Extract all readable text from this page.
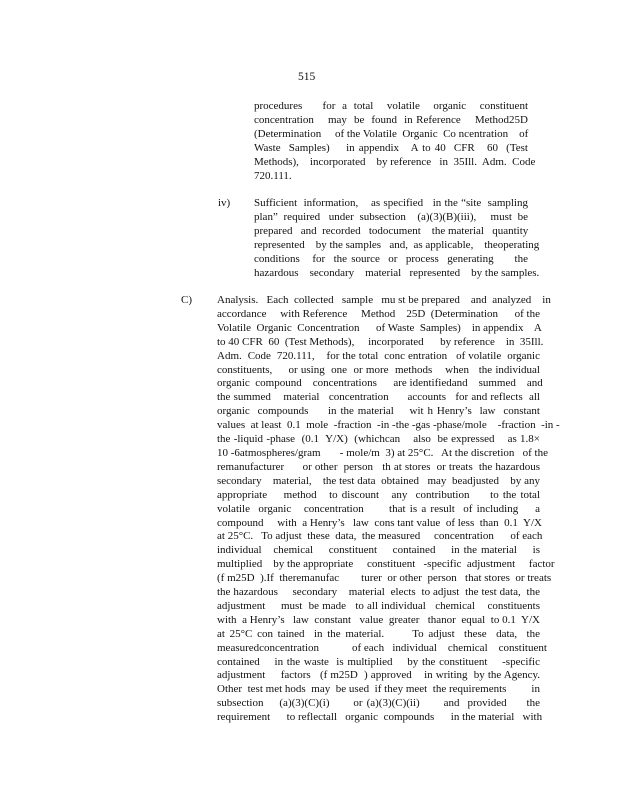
515
procedures   for a total  volatile  organic  constituent
concentration    may  be  found  in Reference    Method25D
(Determination     of the Volatile  Organic  Co ncentration    of
Waste  Samples)    in appendix   A to 40  CFR   60  (Test
Methods),    incorporated    by reference   in  35Ill.  Adm.  Code
720.111.
iv) Sufficient  information,    as specified   in the “site  sampling
plan”  required   under  subsection    (a)(3)(B)(iii),     must  be
prepared   and  recorded   todocument    the material   quantity
represented    by the samples   and,  as applicable,    theoperating
conditions   for  the source  or  process  generating     the
hazardous    secondary    material   represented    by the samples.
C) Analysis.   Each  collected   sample   mu st be prepared    and  analyzed    in
accordance     with Reference     Method    25D  (Determination      of the
Volatile  Organic  Concentration      of Waste  Samples)    in appendix    A
to 40 CFR  60  (Test Methods),     incorporated      by reference    in  35Ill.
Adm.  Code  720.111,    for the total  conc entration   of volatile  organic
constituents,     or using  one  or more  methods    when   the individual
organic  compound    concentrations      are identifiedand    summed    and
the summed    material   concentration      accounts   for and reflects  all
organic  compounds     in the material    wit h Henry’s  law  constant
values  at least  0.1  mole  -fraction  -in -the -gas -phase/mole    -fraction  -in -
the -liquid -phase  (0.1  Y/X)  (whichcan    also  be expressed    as 1.8×
10 -6atmospheres/gram       - mole/m  3) at 25°C.   At the discretion   of the
remanufacturer      or other  person   th at stores  or treats  the hazardous
secondary    material,    the test data  obtained   may  beadjusted    by any
appropriate    method   to discount   any  contribution     to the total
volatile  organic   concentration      that is a result  of including    a
compound     with  a Henry’s   law  cons tant value  of less  than  0.1  Y/X
at 25°C.   To adjust  these  data,  the measured     concentration      of each
individual   chemical    constituent    contained    in the material    is
multiplied    by the appropriate     constituent   -specific  adjustment     factor
(f m25D  ).If  theremanufac        turer  or other  person   that stores  or treats
the hazardous     secondary    material  elects  to adjust  the test data,  the
adjustment     must  be made   to all individual   chemical    constituents
with  a Henry’s   law  constant   value  greater   thanor  equal  to 0.1  Y/X
at 25°C con tained  in the material.      To adjust  these  data,  the
measuredconcentration            of each   individual    chemical    constituent
contained    in the waste  is multiplied    by the constituent    -specific
adjustment     factors   (f m25D  ) approved    in writing  by the Agency.
Other  test met hods  may  be used  if they meet  the requirements         in
subsection    (a)(3)(C)(i)      or (a)(3)(C)(ii)      and  provided     the
requirement      to reflectall   organic  compounds      in the material   with
